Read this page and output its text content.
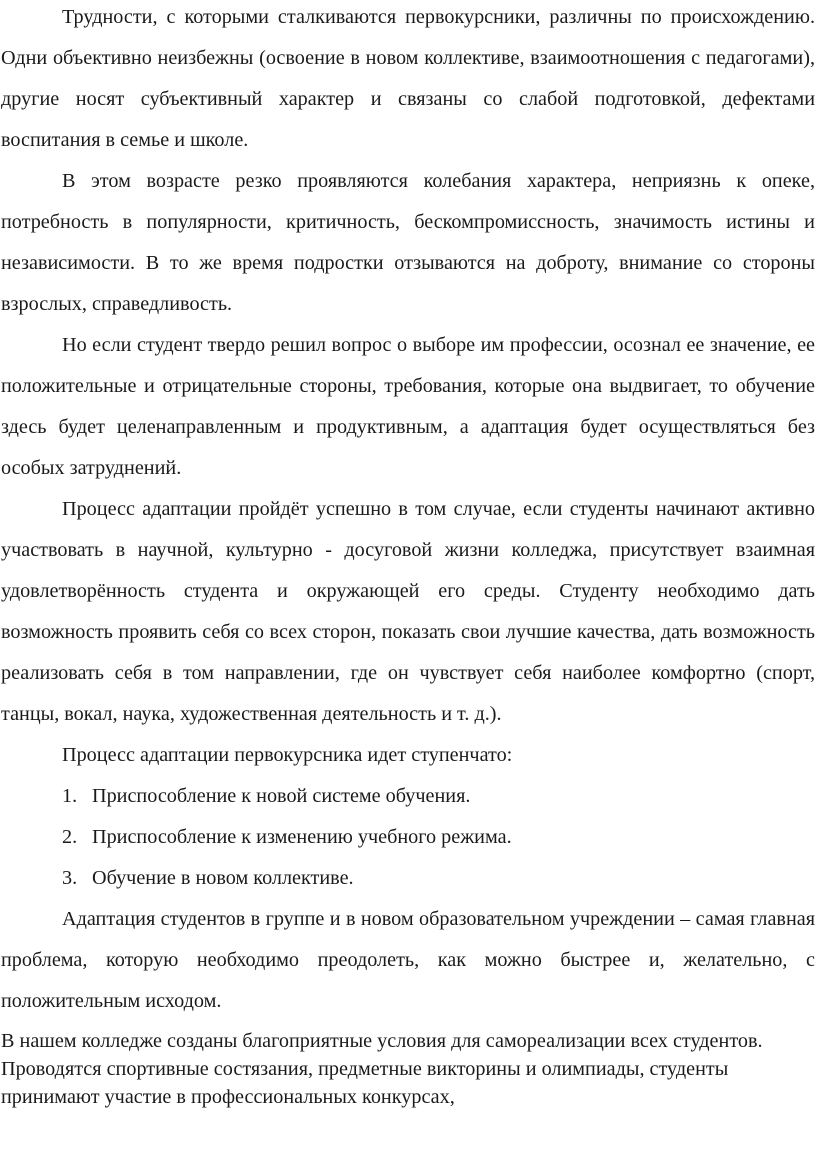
Трудности, с которыми сталкиваются первокурсники, различны по происхождению. Одни объективно неизбежны (освоение в новом коллективе, взаимоотношения с педагогами), другие носят субъективный характер и связаны со слабой подготовкой, дефектами воспитания в семье и школе.

В этом возрасте резко проявляются колебания характера, неприязнь к опеке, потребность в популярности, критичность, бескомпромиссность, значимость истины и независимости. В то же время подростки отзываются на доброту, внимание со стороны взрослых, справедливость.

Но если студент твердо решил вопрос о выборе им профессии, осознал ее значение, ее положительные и отрицательные стороны, требования, которые она выдвигает, то обучение здесь будет целенаправленным и продуктивным, а адаптация будет осуществляться без особых затруднений.

Процесс адаптации пройдёт успешно в том случае, если студенты начинают активно участвовать в научной, культурно - досуговой жизни колледжа, присутствует взаимная удовлетворённость студента и окружающей его среды. Студенту необходимо дать возможность проявить себя со всех сторон, показать свои лучшие качества, дать возможность реализовать себя в том направлении, где он чувствует себя наиболее комфортно (спорт, танцы, вокал, наука, художественная деятельность и т. д.).

Процесс адаптации первокурсника идет ступенчато:

1. Приспособление к новой системе обучения.
2. Приспособление к изменению учебного режима.
3. Обучение в новом коллективе.

Адаптация студентов в группе и в новом образовательном учреждении – самая главная проблема, которую необходимо преодолеть, как можно быстрее и, желательно, с положительным исходом.

В нашем колледже созданы благоприятные условия для самореализации всех студентов. Проводятся спортивные состязания, предметные викторины и олимпиады, студенты принимают участие в профессиональных конкурсах,
